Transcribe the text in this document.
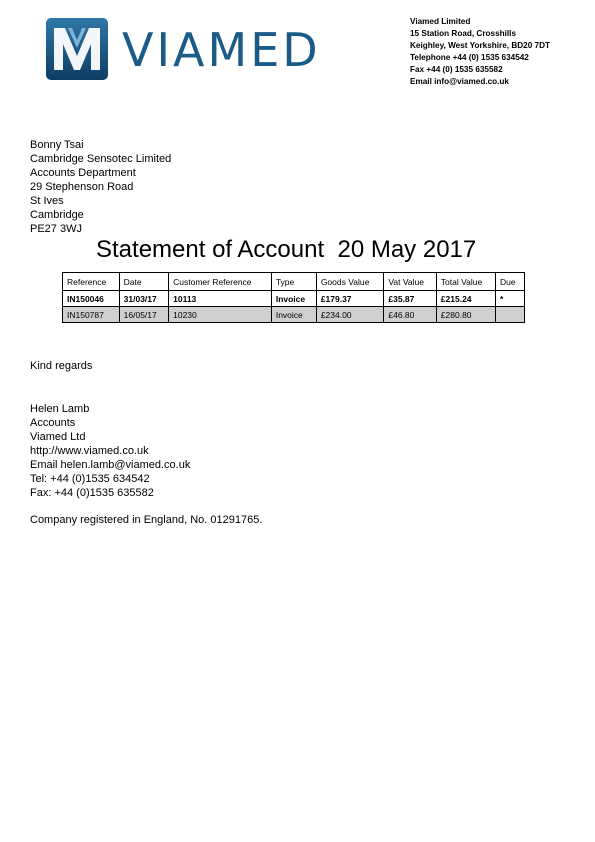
VIAMED
Viamed Limited
15 Station Road, Crosshills
Keighley, West Yorkshire, BD20 7DT
Telephone +44 (0) 1535 634542
Fax +44 (0) 1535 635582
Email info@viamed.co.uk
Bonny Tsai
Cambridge Sensotec Limited
Accounts Department
29 Stephenson Road
St Ives
Cambridge
PE27 3WJ
Statement of Account  20 May 2017
Reference	Date	Customer Reference	Type	Goods Value	Vat Value	Total Value	Due
IN150046	31/03/17	10113	Invoice	£179.37	£35.87	£215.24	*
IN150787	16/05/17	10230	Invoice	£234.00	£46.80	£280.80	
Kind regards
Helen Lamb
Accounts
Viamed Ltd
http://www.viamed.co.uk
Email helen.lamb@viamed.co.uk
Tel: +44 (0)1535 634542
Fax: +44 (0)1535 635582
Company registered in England, No. 01291765.
